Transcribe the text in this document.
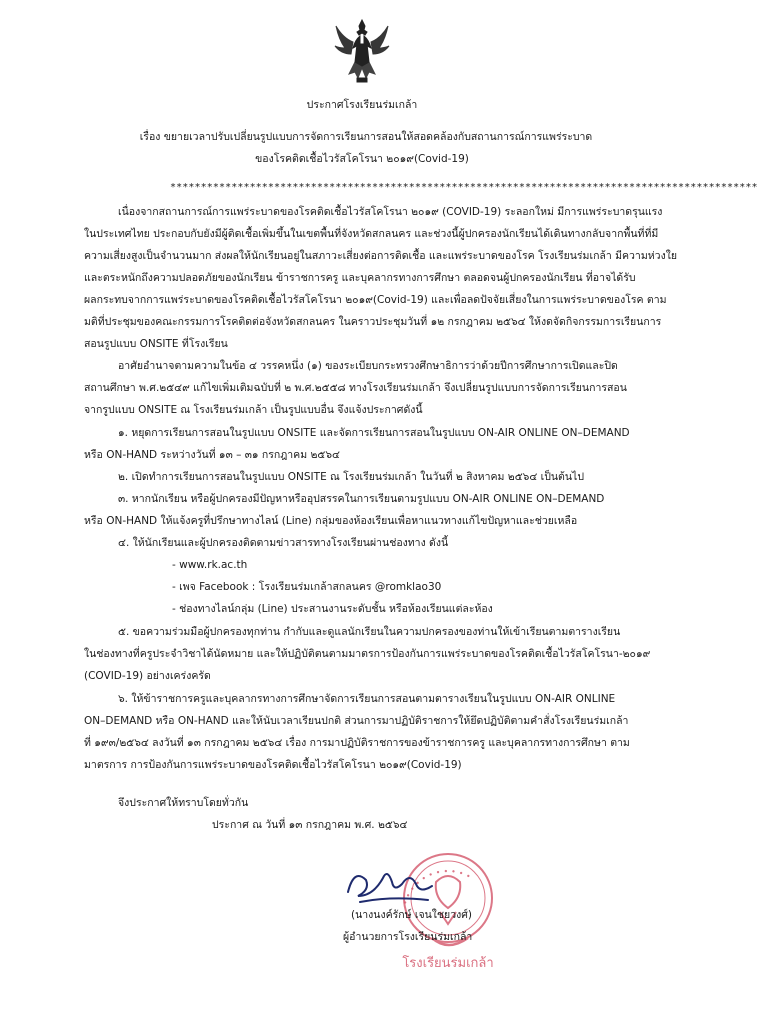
ประกาศโรงเรียนร่มเกล้า
เรื่อง ขยายเวลาปรับเปลี่ยนรูปแบบการจัดการเรียนการสอนให้สอดคล้องกับสถานการณ์การแพร่ระบาด
ของโรคติดเชื้อไวรัสโคโรนา ๒๐๑๙(Covid-19)
************************************************************************************************
เนื่องจากสถานการณ์การแพร่ระบาดของโรคติดเชื้อไวรัสโคโรนา ๒๐๑๙ (COVID-19) ระลอกใหม่ มีการแพร่ระบาดรุนแรง
ในประเทศไทย ประกอบกับยังมีผู้ติดเชื้อเพิ่มขึ้นในเขตพื้นที่จังหวัดสกลนคร และช่วงนี้ผู้ปกครองนักเรียนได้เดินทางกลับจากพื้นที่ที่มี
ความเสี่ยงสูงเป็นจำนวนมาก ส่งผลให้นักเรียนอยู่ในสภาวะเสี่ยงต่อการติดเชื้อ และแพร่ระบาดของโรค โรงเรียนร่มเกล้า มีความห่วงใย
และตระหนักถึงความปลอดภัยของนักเรียน ข้าราชการครู และบุคลากรทางการศึกษา ตลอดจนผู้ปกครองนักเรียน ที่อาจได้รับ
ผลกระทบจากการแพร่ระบาดของโรคติดเชื้อไวรัสโคโรนา ๒๐๑๙(Covid-19) และเพื่อลดปัจจัยเสี่ยงในการแพร่ระบาดของโรค ตาม
มติที่ประชุมของคณะกรรมการโรคติดต่อจังหวัดสกลนคร ในคราวประชุมวันที่ ๑๒ กรกฎาคม ๒๕๖๔ ให้งดจัดกิจกรรมการเรียนการ
สอนรูปแบบ ONSITE ที่โรงเรียน
อาศัยอำนาจตามความในข้อ ๔ วรรคหนึ่ง (๑) ของระเบียบกระทรวงศึกษาธิการว่าด้วยปีการศึกษาการเปิดและปิด
สถานศึกษา พ.ศ.๒๕๔๙ แก้ไขเพิ่มเติมฉบับที่ ๒ พ.ศ.๒๕๕๘ ทางโรงเรียนร่มเกล้า จึงเปลี่ยนรูปแบบการจัดการเรียนการสอน
จากรูปแบบ ONSITE ณ โรงเรียนร่มเกล้า เป็นรูปแบบอื่น จึงแจ้งประกาศดังนี้
๑. หยุดการเรียนการสอนในรูปแบบ ONSITE และจัดการเรียนการสอนในรูปแบบ ON-AIR ONLINE ON–DEMAND
หรือ ON-HAND ระหว่างวันที่ ๑๓ – ๓๑ กรกฎาคม ๒๕๖๔
๒. เปิดทำการเรียนการสอนในรูปแบบ ONSITE ณ โรงเรียนร่มเกล้า ในวันที่ ๒ สิงหาคม ๒๕๖๔ เป็นต้นไป
๓. หากนักเรียน หรือผู้ปกครองมีปัญหาหรืออุปสรรคในการเรียนตามรูปแบบ ON-AIR ONLINE ON–DEMAND
หรือ ON-HAND ให้แจ้งครูที่ปรึกษาทางไลน์ (Line) กลุ่มของห้องเรียนเพื่อหาแนวทางแก้ไขปัญหาและช่วยเหลือ
๔. ให้นักเรียนและผู้ปกครองติดตามข่าวสารทางโรงเรียนผ่านช่องทาง ดังนี้
- www.rk.ac.th
- เพจ Facebook : โรงเรียนร่มเกล้าสกลนคร @romklao30
- ช่องทางไลน์กลุ่ม (Line) ประสานงานระดับชั้น หรือห้องเรียนแต่ละห้อง
๕. ขอความร่วมมือผู้ปกครองทุกท่าน กำกับและดูแลนักเรียนในความปกครองของท่านให้เข้าเรียนตามตารางเรียน
ในช่องทางที่ครูประจำวิชาได้นัดหมาย และให้ปฏิบัติตนตามมาตรการป้องกันการแพร่ระบาดของโรคติดเชื้อไวรัสโคโรนา-๒๐๑๙
(COVID-19) อย่างเคร่งครัด
๖. ให้ข้าราชการครูและบุคลากรทางการศึกษาจัดการเรียนการสอนตามตารางเรียนในรูปแบบ ON-AIR ONLINE
ON–DEMAND หรือ ON-HAND และให้นับเวลาเรียนปกติ ส่วนการมาปฏิบัติราชการให้ยึดปฏิบัติตามคำสั่งโรงเรียนร่มเกล้า
ที่ ๑๙๓/๒๕๖๔ ลงวันที่ ๑๓ กรกฎาคม ๒๕๖๔ เรื่อง การมาปฏิบัติราชการของข้าราชการครู และบุคลากรทางการศึกษา ตาม
มาตรการ การป้องกันการแพร่ระบาดของโรคติดเชื้อไวรัสโคโรนา ๒๐๑๙(Covid-19)
จึงประกาศให้ทราบโดยทั่วกัน
ประกาศ ณ วันที่ ๑๓ กรกฎาคม พ.ศ. ๒๕๖๔
• • • • • • • • • • •
โรงเรียนร่มเกล้า
(นางนงค์รักษ์ เจนใชยวงศ์)
ผู้อำนวยการโรงเรียนร่มเกล้า
